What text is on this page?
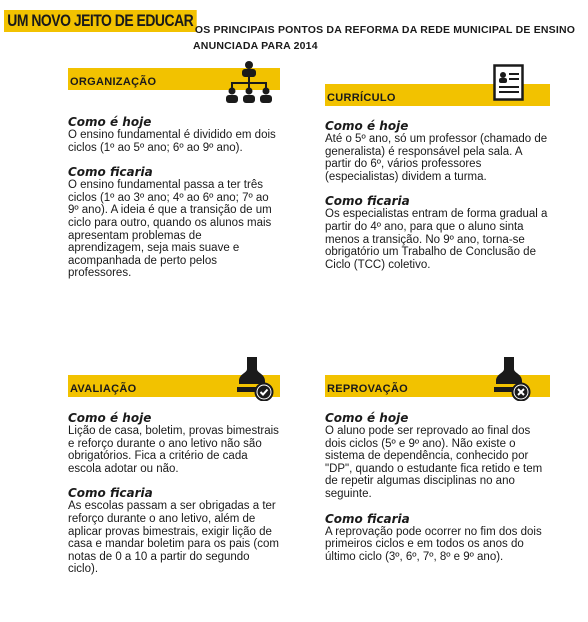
UM NOVO JEITO DE EDUCAR OS PRINCIPAIS PONTOS DA REFORMA DA REDE MUNICIPAL DE ENSINO
ANUNCIADA PARA 2014
ORGANIZAÇÃO

Como é hoje

O ensino fundamental é dividido em dois ciclos (1º ao 5º ano; 6º ao 9º ano).

Como ficaria

O ensino fundamental passa a ter três ciclos (1º ao 3º ano; 4º ao 6º ano; 7º ao 9º ano). A ideia é que a transição de um ciclo para outro, quando os alunos mais apresentam problemas de aprendizagem, seja mais suave e acompanhada de perto pelos professores.

CURRÍCULO

Como é hoje

Até o 5º ano, só um professor (chamado de generalista) é responsável pela sala. A partir do 6º, vários professores (especialistas) dividem a turma.

Como ficaria

Os especialistas entram de forma gradual a partir do 4º ano, para que o aluno sinta menos a transição. No 9º ano, torna-se obrigatório um Trabalho de Conclusão de Ciclo (TCC) coletivo.

AVALIAÇÃO

Como é hoje

Lição de casa, boletim, provas bimestrais e reforço durante o ano letivo não são obrigatórios. Fica a critério de cada escola adotar ou não.

Como ficaria

As escolas passam a ser obrigadas a ter reforço durante o ano letivo, além de aplicar provas bimestrais, exigir lição de casa e mandar boletim para os pais (com notas de 0 a 10 a partir do segundo ciclo).

REPROVAÇÃO

Como é hoje

O aluno pode ser reprovado ao final dos dois ciclos (5º e 9º ano). Não existe o sistema de dependência, conhecido por "DP", quando o estudante fica retido e tem de repetir algumas disciplinas no ano seguinte.

Como ficaria

A reprovação pode ocorrer no fim dos dois primeiros ciclos e em todos os anos do último ciclo (3º, 6º, 7º, 8º e 9º ano).
